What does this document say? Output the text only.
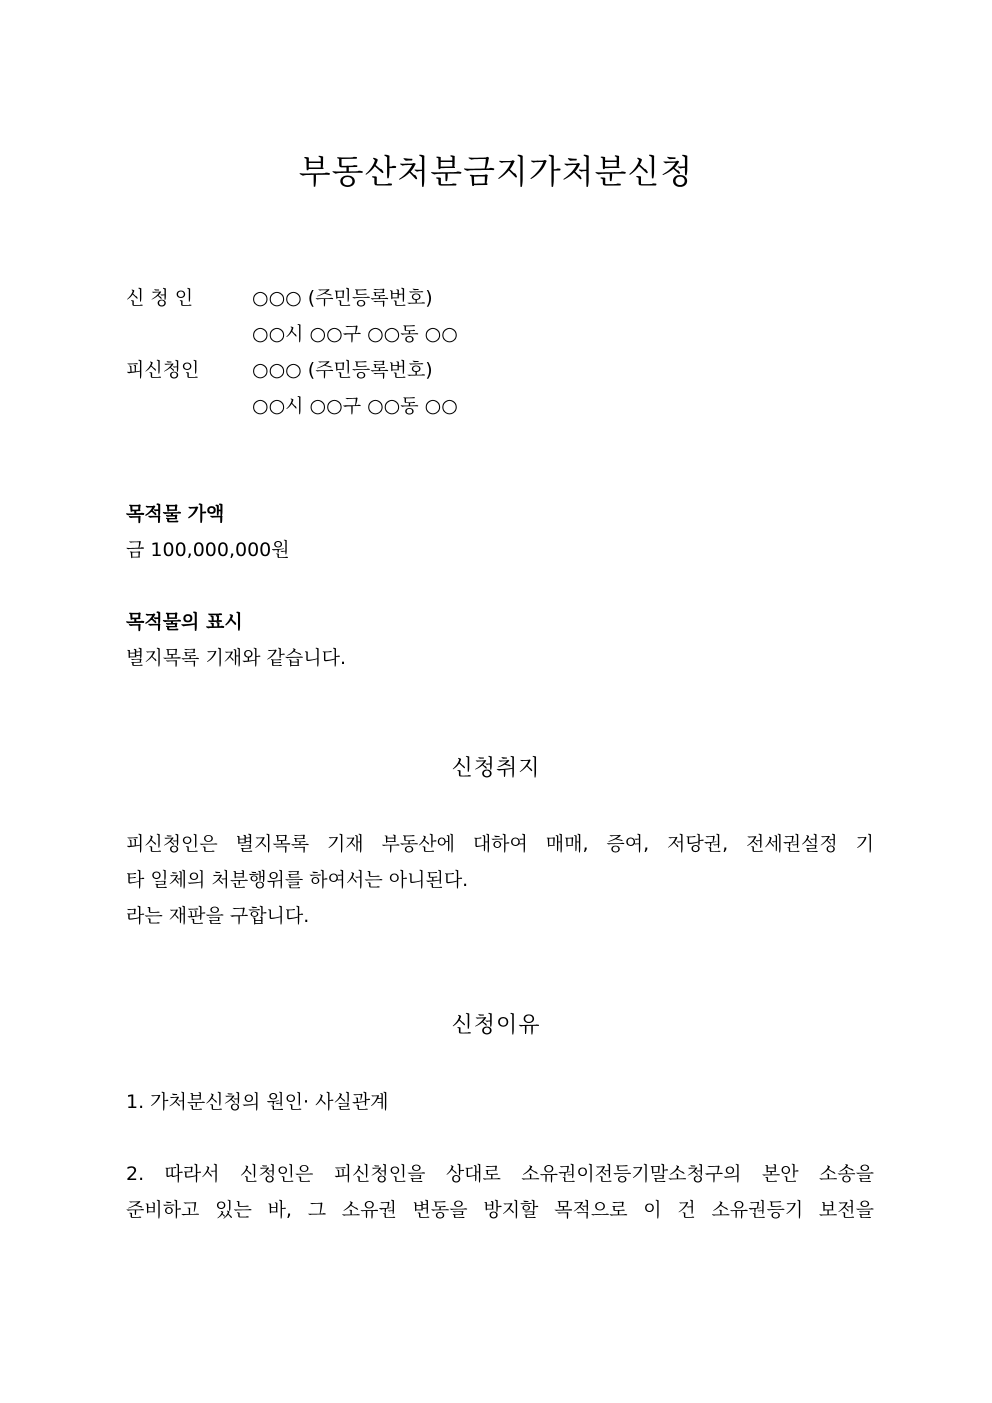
부동산처분금지가처분신청
신 청 인	○○○ (주민등록번호)
○○시 ○○구 ○○동 ○○
피신청인	○○○ (주민등록번호)
○○시 ○○구 ○○동 ○○
목적물 가액
금 100,000,000원
목적물의 표시
별지목록 기재와 같습니다.
신청취지
피신청인은 별지목록 기재 부동산에 대하여 매매, 증여, 저당권, 전세권설정 기
타 일체의 처분행위를 하여서는 아니된다.
라는 재판을 구합니다.
신청이유
1. 가처분신청의 원인· 사실관계
2. 따라서 신청인은 피신청인을 상대로 소유권이전등기말소청구의 본안 소송을
준비하고 있는 바, 그 소유권 변동을 방지할 목적으로 이 건 소유권등기 보전을
